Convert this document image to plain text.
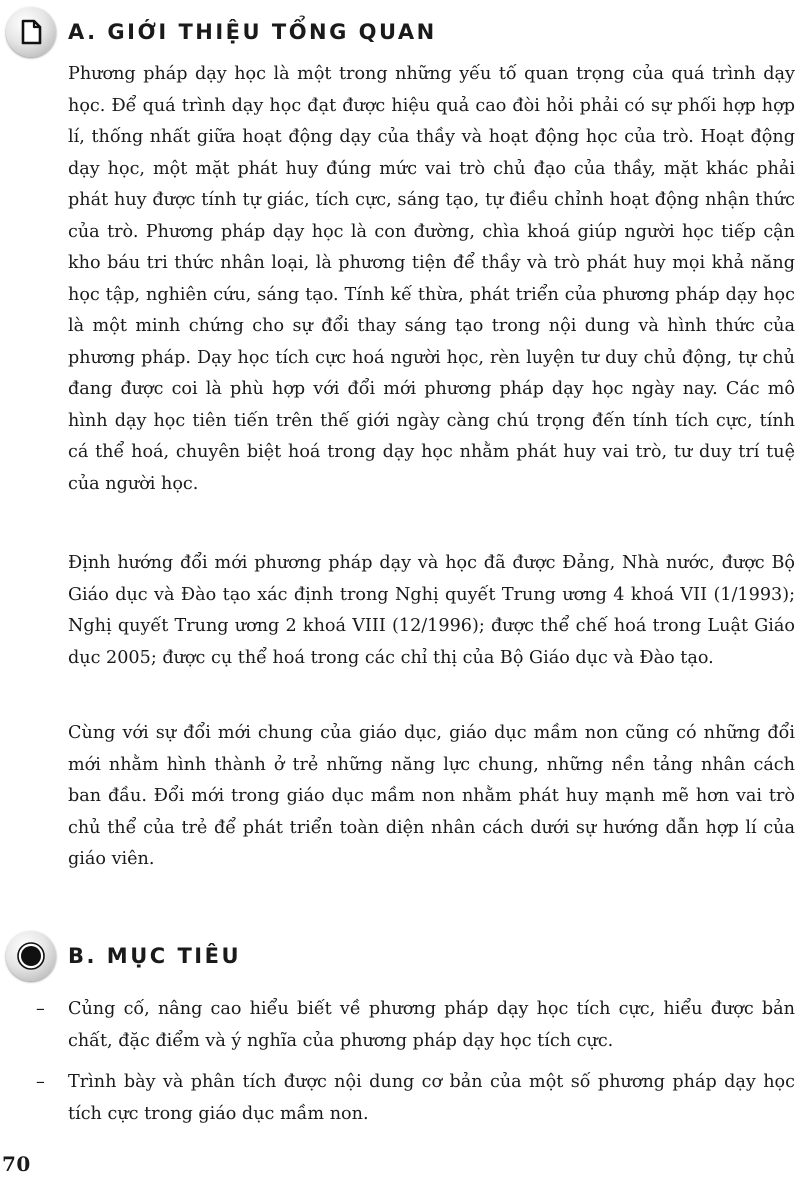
A. GIỚI THIỆU TỔNG QUAN

Phương pháp dạy học là một trong những yếu tố quan trọng của quá trình dạy học. Để quá trình dạy học đạt được hiệu quả cao đòi hỏi phải có sự phối hợp hợp lí, thống nhất giữa hoạt động dạy của thầy và hoạt động học của trò. Hoạt động dạy học, một mặt phát huy đúng mức vai trò chủ đạo của thầy, mặt khác phải phát huy được tính tự giác, tích cực, sáng tạo, tự điều chỉnh hoạt động nhận thức của trò. Phương pháp dạy học là con đường, chìa khoá giúp người học tiếp cận kho báu tri thức nhân loại, là phương tiện để thầy và trò phát huy mọi khả năng học tập, nghiên cứu, sáng tạo. Tính kế thừa, phát triển của phương pháp dạy học là một minh chứng cho sự đổi thay sáng tạo trong nội dung và hình thức của phương pháp. Dạy học tích cực hoá người học, rèn luyện tư duy chủ động, tự chủ đang được coi là phù hợp với đổi mới phương pháp dạy học ngày nay. Các mô hình dạy học tiên tiến trên thế giới ngày càng chú trọng đến tính tích cực, tính cá thể hoá, chuyên biệt hoá trong dạy học nhằm phát huy vai trò, tư duy trí tuệ của người học.

Định hướng đổi mới phương pháp dạy và học đã được Đảng, Nhà nước, được Bộ Giáo dục và Đào tạo xác định trong Nghị quyết Trung ương 4 khoá VII (1/1993); Nghị quyết Trung ương 2 khoá VIII (12/1996); được thể chế hoá trong Luật Giáo dục 2005; được cụ thể hoá trong các chỉ thị của Bộ Giáo dục và Đào tạo.

Cùng với sự đổi mới chung của giáo dục, giáo dục mầm non cũng có những đổi mới nhằm hình thành ở trẻ những năng lực chung, những nền tảng nhân cách ban đầu. Đổi mới trong giáo dục mầm non nhằm phát huy mạnh mẽ hơn vai trò chủ thể của trẻ để phát triển toàn diện nhân cách dưới sự hướng dẫn hợp lí của giáo viên.

B. MỤC TIÊU
– Củng cố, nâng cao hiểu biết về phương pháp dạy học tích cực, hiểu được bản chất, đặc điểm và ý nghĩa của phương pháp dạy học tích cực.
– Trình bày và phân tích được nội dung cơ bản của một số phương pháp dạy học tích cực trong giáo dục mầm non.
70
